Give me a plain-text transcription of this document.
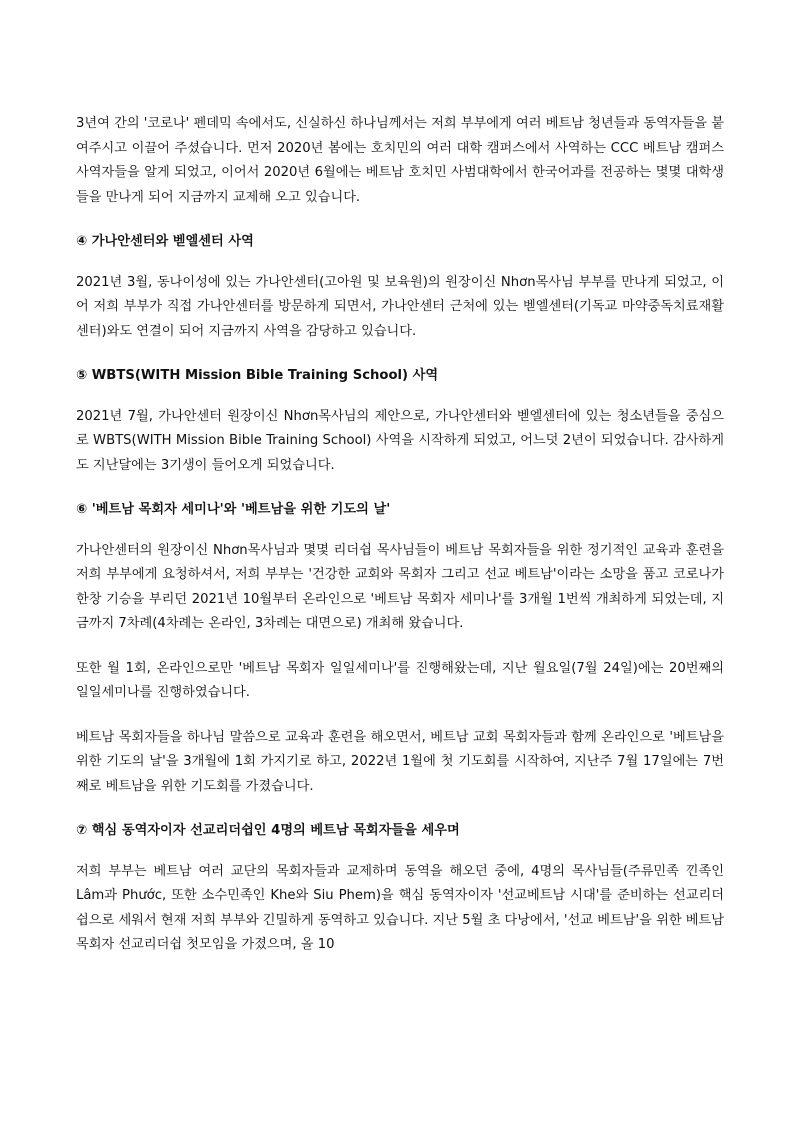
3년여 간의 '코로나' 펜데믹 속에서도, 신실하신 하나님께서는 저희 부부에게 여러 베트남 청년들과 동역자들을 붙여주시고 이끌어 주셨습니다. 먼저 2020년 봄에는 호치민의 여러 대학 캠퍼스에서 사역하는 CCC 베트남 캠퍼스 사역자들을 알게 되었고, 이어서 2020년 6월에는 베트남 호치민 사범대학에서 한국어과를 전공하는 몇몇 대학생들을 만나게 되어 지금까지 교제해 오고 있습니다.

④ 가나안센터와 벧엘센터 사역

2021년 3월, 동나이성에 있는 가나안센터(고아원 및 보육원)의 원장이신 Nhơn목사님 부부를 만나게 되었고, 이어 저희 부부가 직접 가나안센터를 방문하게 되면서, 가나안센터 근처에 있는 벧엘센터(기독교 마약중독치료재활센터)와도 연결이 되어 지금까지 사역을 감당하고 있습니다.

⑤ WBTS(WITH Mission Bible Training School) 사역

2021년 7월, 가나안센터 원장이신 Nhơn목사님의 제안으로, 가나안센터와 벧엘센터에 있는 청소년들을 중심으로 WBTS(WITH Mission Bible Training School) 사역을 시작하게 되었고, 어느덧 2년이 되었습니다. 감사하게도 지난달에는 3기생이 들어오게 되었습니다.

⑥ '베트남 목회자 세미나'와 '베트남을 위한 기도의 날'

가나안센터의 원장이신 Nhơn목사님과 몇몇 리더쉽 목사님들이 베트남 목회자들을 위한 정기적인 교육과 훈련을 저희 부부에게 요청하셔서, 저희 부부는 '건강한 교회와 목회자 그리고 선교 베트남'이라는 소망을 품고 코로나가 한창 기승을 부리던 2021년 10월부터 온라인으로 '베트남 목회자 세미나'를 3개월 1번씩 개최하게 되었는데, 지금까지 7차례(4차례는 온라인, 3차례는 대면으로) 개최해 왔습니다.

또한 월 1회, 온라인으로만 '베트남 목회자 일일세미나'를 진행해왔는데, 지난 월요일(7월 24일)에는 20번째의 일일세미나를 진행하였습니다.

베트남 목회자들을 하나님 말씀으로 교육과 훈련을 해오면서, 베트남 교회 목회자들과 함께 온라인으로 '베트남을 위한 기도의 날'을 3개월에 1회 가지기로 하고, 2022년 1월에 첫 기도회를 시작하여, 지난주 7월 17일에는 7번째로 베트남을 위한 기도회를 가졌습니다.

⑦ 핵심 동역자이자 선교리더쉽인 4명의 베트남 목회자들을 세우며

저희 부부는 베트남 여러 교단의 목회자들과 교제하며 동역을 해오던 중에, 4명의 목사님들(주류민족 낀족인 Lâm과 Phước, 또한 소수민족인 Khe와 Siu Phem)을 핵심 동역자이자 '선교베트남 시대'를 준비하는 선교리더쉽으로 세워서 현재 저희 부부와 긴밀하게 동역하고 있습니다. 지난 5월 초 다낭에서, '선교 베트남'을 위한 베트남 목회자 선교리더쉽 첫모임을 가졌으며, 올 10
